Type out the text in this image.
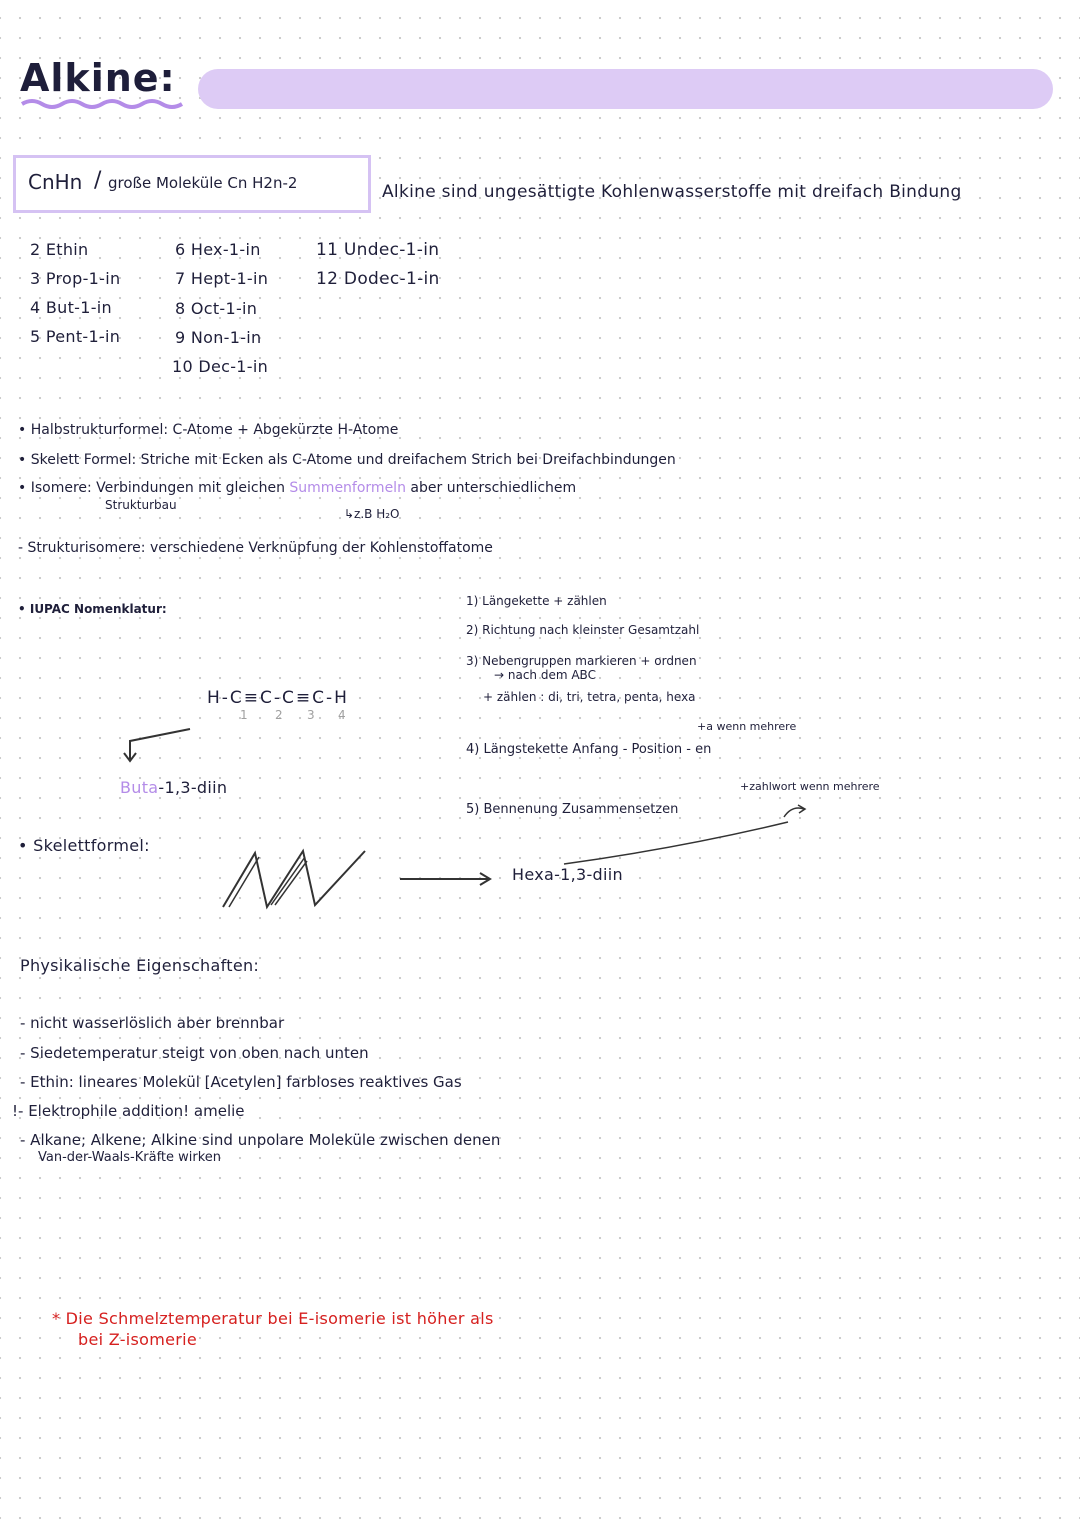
Alkine:
CnHn / große Moleküle Cn H2n-2	Alkine sind ungesättigte Kohlenwasserstoffe mit dreifach Bindung
2 Ethin
3 Prop-1-in
4 But-1-in
5 Pent-1-in
6 Hex-1-in
7 Hept-1-in
8 Oct-1-in
9 Non-1-in
10 Dec-1-in
11 Undec-1-in
12 Dodec-1-in
• Halbstrukturformel: C-Atome + Abgekürzte H-Atome
• Skelett Formel: Striche mit Ecken als C-Atome und dreifachem Strich bei Dreifachbindungen
• Isomere: Verbindungen mit gleichen Summenformeln aber unterschiedlichem
Strukturbau
↳z.B H₂O
- Strukturisomere: verschiedene Verknüpfung der Kohlenstoffatome
• IUPAC Nomenklatur:
H-C≡C-C≡C-H
1 2 3 4
Buta-1,3-diin
1) Längekette + zählen
2) Richtung nach kleinster Gesamtzahl
3) Nebengruppen markieren + ordnen
→ nach dem ABC
+ zählen : di, tri, tetra, penta, hexa
+a wenn mehrere
4) Längstekette Anfang - Position - en
+zahlwort wenn mehrere
5) Bennenung Zusammensetzen
• Skelettformel:
Hexa-1,3-diin
Physikalische Eigenschaften:
- nicht wasserlöslich aber brennbar
- Siedetemperatur steigt von oben nach unten
- Ethin: lineares Molekül [Acetylen] farbloses reaktives Gas
!- Elektrophile addition! amelie
- Alkane; Alkene; Alkine sind unpolare Moleküle zwischen denen
Van-der-Waals-Kräfte wirken
* Die Schmelztemperatur bei E-isomerie ist höher als
bei Z-isomerie
